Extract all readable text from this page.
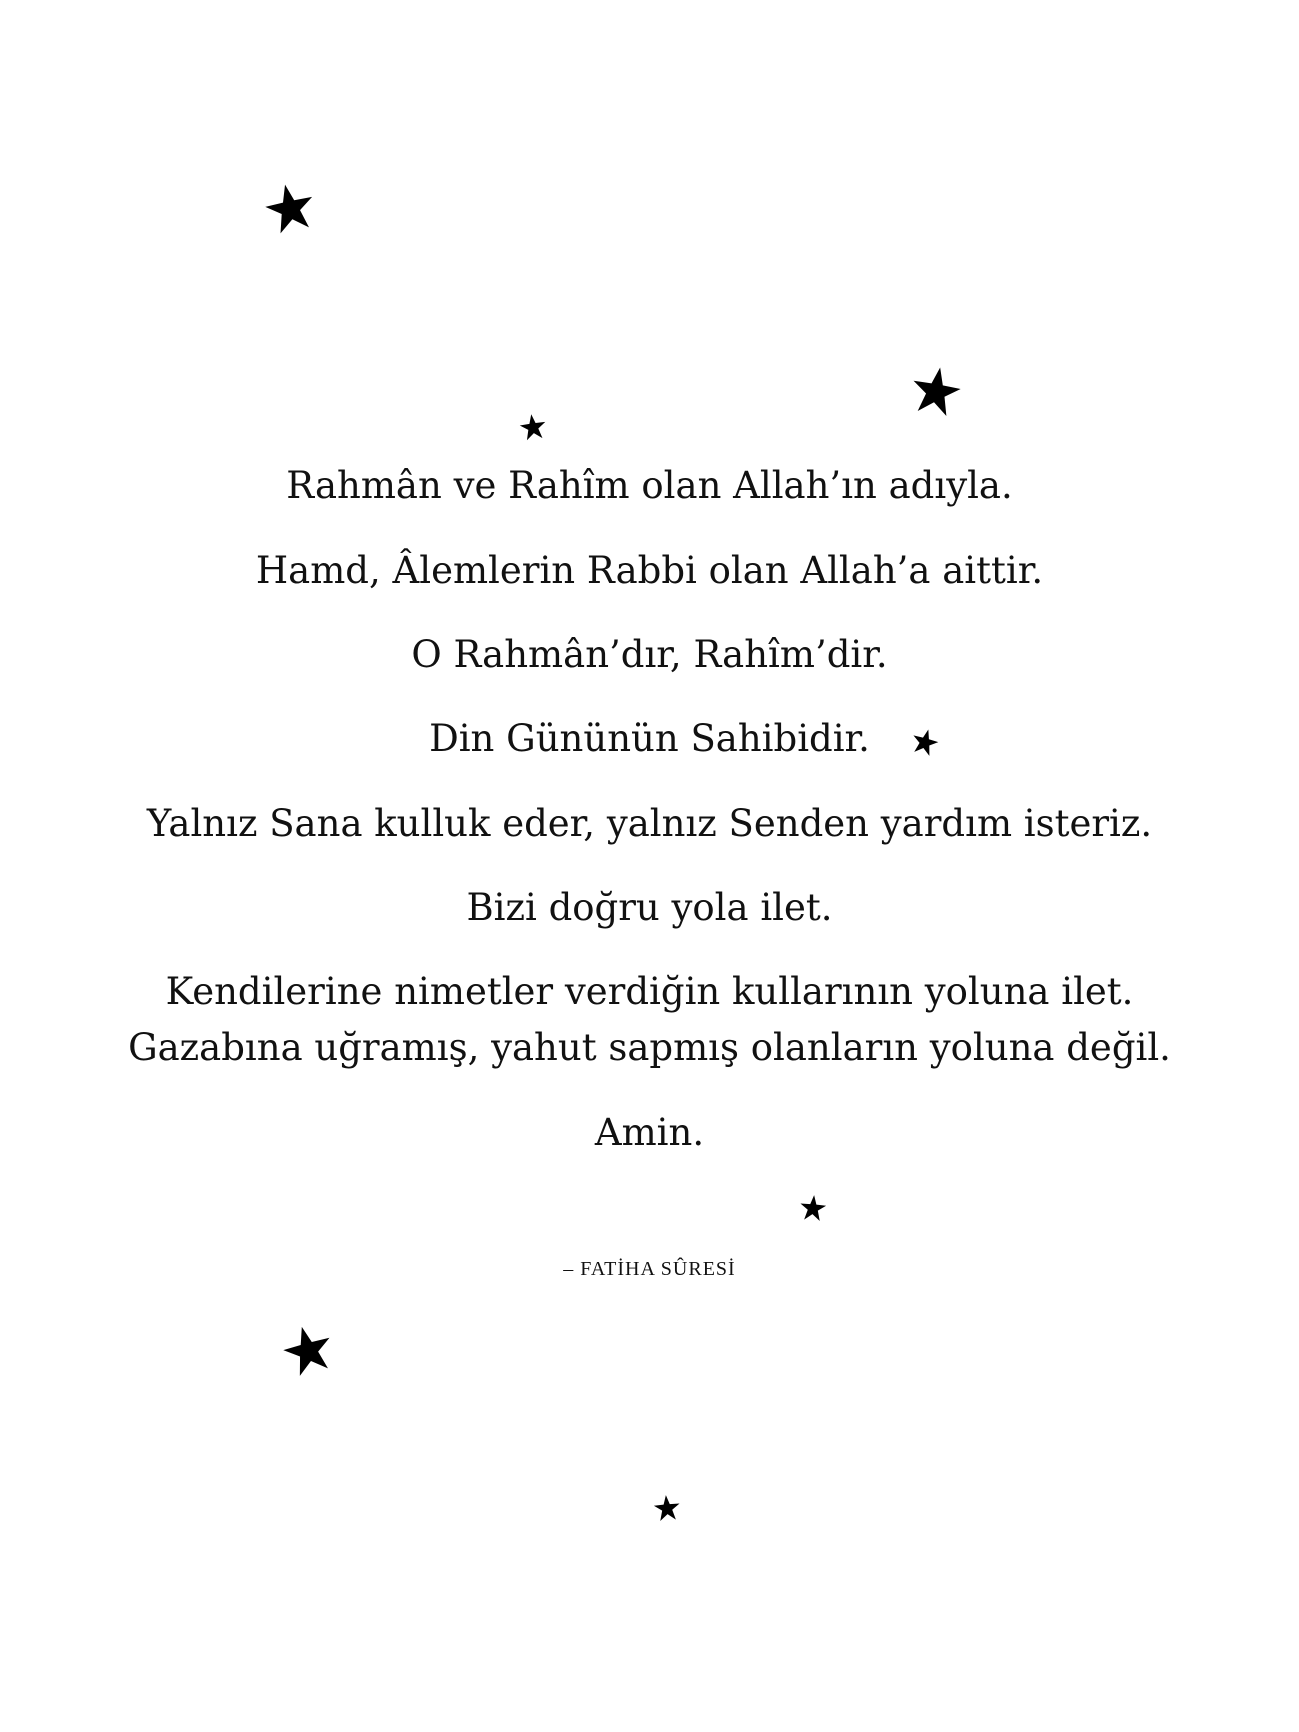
Rahmân ve Rahîm olan Allah’ın adıyla.
Hamd, Âlemlerin Rabbi olan Allah’a aittir.
O Rahmân’dır, Rahîm’dir.
Din Gününün Sahibidir.
Yalnız Sana kulluk eder, yalnız Senden yardım isteriz.
Bizi doğru yola ilet.
Kendilerine nimetler verdiğin kullarının yoluna ilet.
Gazabına uğramış, yahut sapmış olanların yoluna değil.
Amin.
– FATİHA SÛRESİ
